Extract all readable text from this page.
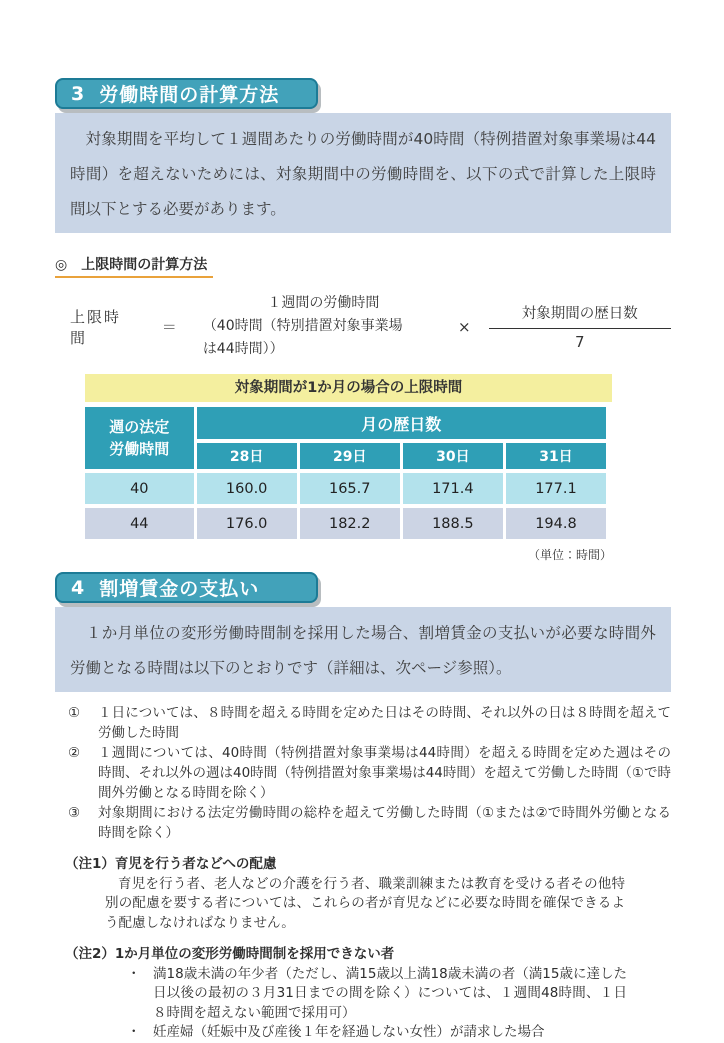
3 労働時間の計算方法

　対象期間を平均して１週間あたりの労働時間が40時間（特例措置対象事業場は44時間）を超えないためには、対象期間中の労働時間を、以下の式で計算した上限時間以下とする必要があります。

◎　上限時間の計算方法
上限時間
＝
１週間の労働時間
（40時間（特別措置対象事業場
は44時間））
× $\frac{\text{対象期間の歴日数}}{7}$
対象期間が1か月の場合の上限時間
週の法定
労働時間	月の歴日数			
	28日	29日	30日	31日
40	160.0	165.7	171.4	177.1
44	176.0	182.2	188.5	194.8
（単位：時間）
4 割増賃金の支払い

　１か月単位の変形労働時間制を採用した場合、割増賃金の支払いが必要な時間外労働となる時間は以下のとおりです（詳細は、次ページ参照）。

① １日については、８時間を超える時間を定めた日はその時間、それ以外の日は８時間を超えて労働した時間
② １週間については、40時間（特例措置対象事業場は44時間）を超える時間を定めた週はその時間、それ以外の週は40時間（特例措置対象事業場は44時間）を超えて労働した時間（①で時間外労働となる時間を除く）
③ 対象期間における法定労働時間の総枠を超えて労働した時間（①または②で時間外労働となる時間を除く）
（注1）育児を行う者などへの配慮
育児を行う者、老人などの介護を行う者、職業訓練または教育を受ける者その他特別の配慮を要する者については、これらの者が育児などに必要な時間を確保できるよう配慮しなければなりません。
（注2）1か月単位の変形労働時間制を採用できない者
・ 満18歳未満の年少者（ただし、満15歳以上満18歳未満の者（満15歳に達した日以後の最初の３月31日までの間を除く）については、１週間48時間、１日８時間を超えない範囲で採用可）
・ 妊産婦（妊娠中及び産後１年を経過しない女性）が請求した場合
